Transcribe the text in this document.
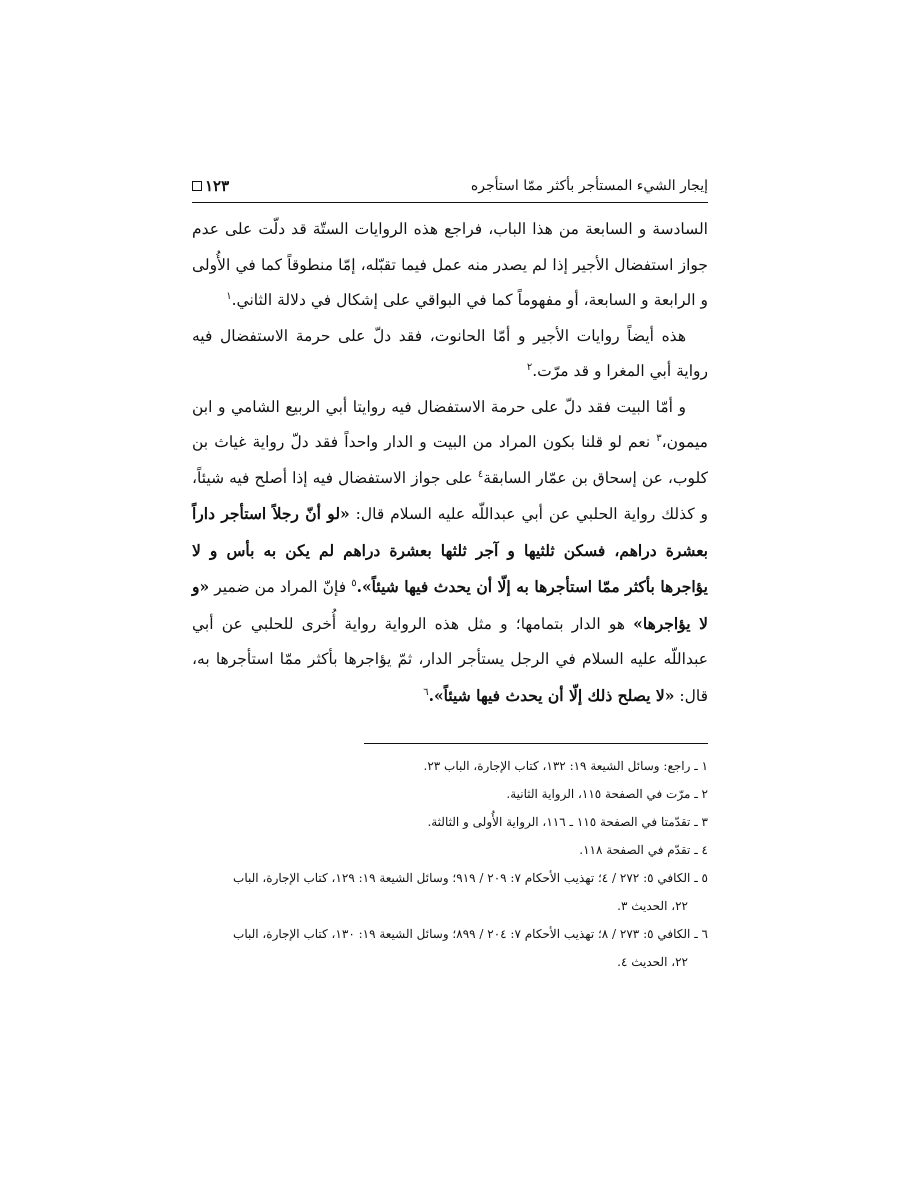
إيجار الشيء المستأجر بأكثر ممّا استأجره
١٢٣

السادسة و السابعة من هذا الباب، فراجع هذه الروايات الستّة قد دلّت على عدم جواز استفضال الأجير إذا لم يصدر منه عمل فيما تقبّله، إمّا منطوقاً كما في الأُولى و الرابعة و السابعة، أو مفهوماً كما في البواقي على إشكال في دلالة الثاني.$^١$

هذه أيضاً روايات الأجير و أمّا الحانوت، فقد دلّ على حرمة الاستفضال فيه رواية أبي المغرا و قد مرّت.$^٢$

و أمّا البيت فقد دلّ على حرمة الاستفضال فيه روايتا أبي الربيع الشامي و ابن ميمون،$^٣$ نعم لو قلنا بكون المراد من البيت و الدار واحداً فقد دلّ رواية غياث بن كلوب، عن إسحاق بن عمّار السابقة$^٤$ على جواز الاستفضال فيه إذا أصلح فيه شيئاً، و كذلك رواية الحلبي عن أبي عبداللّه عليه السلام قال: «لو أنّ رجلاً استأجر داراً بعشرة دراهم، فسكن ثلثيها و آجر ثلثها بعشرة دراهم لم يكن به بأس و لا يؤاجرها بأكثر ممّا استأجرها به إلّا أن يحدث فيها شيئاً».$^٥$ فإنّ المراد من ضمير «و لا يؤاجرها» هو الدار بتمامها؛ و مثل هذه الرواية رواية أُخرى للحلبي عن أبي عبداللّه عليه السلام في الرجل يستأجر الدار، ثمّ يؤاجرها بأكثر ممّا استأجرها به، قال: «لا يصلح ذلك إلّا أن يحدث فيها شيئاً».$^٦$

١ ـ راجع: وسائل الشيعة ١٩: ١٣٢، كتاب الإجارة، الباب ٢٣.

٢ ـ مرّت في الصفحة ١١٥، الرواية الثانية.

٣ ـ تقدّمتا في الصفحة ١١٥ ـ ١١٦، الرواية الأُولى و الثالثة.

٤ ـ تقدّم في الصفحة ١١٨.

٥ ـ الكافي ٥: ٢٧٢ / ٤؛ تهذيب الأحكام ٧: ٢٠٩ / ٩١٩؛ وسائل الشيعة ١٩: ١٢٩، كتاب الإجارة، الباب

٢٢، الحديث ٣.

٦ ـ الكافي ٥: ٢٧٣ / ٨؛ تهذيب الأحكام ٧: ٢٠٤ / ٨٩٩؛ وسائل الشيعة ١٩: ١٣٠، كتاب الإجارة، الباب

٢٢، الحديث ٤.
